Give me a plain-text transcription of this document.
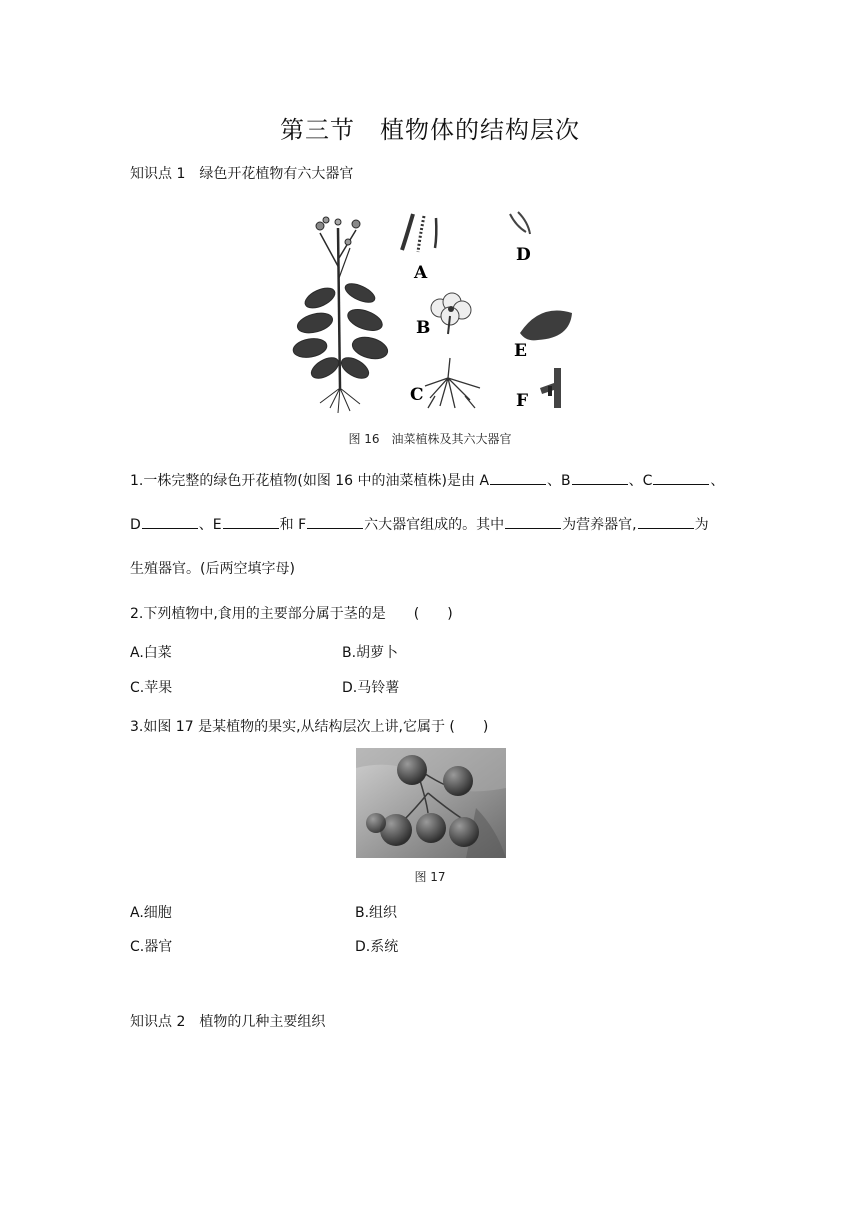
第三节　植物体的结构层次
知识点 1　绿色开花植物有六大器官
A
D
B
E
C	F
图 16　油菜植株及其六大器官
1.一株完整的绿色开花植物(如图 16 中的油菜植株)是由 A	、B	、C	、
D	、E	和 F	六大器官组成的。其中	为营养器官,	为
生殖器官。(后两空填字母)
2.下列植物中,食用的主要部分属于茎的是　　(　　)
A.白菜	B.胡萝卜
C.苹果	D.马铃薯
3.如图 17 是某植物的果实,从结构层次上讲,它属于 (　　)
图 17
A.细胞	B.组织
C.器官	D.系统
知识点 2　植物的几种主要组织
